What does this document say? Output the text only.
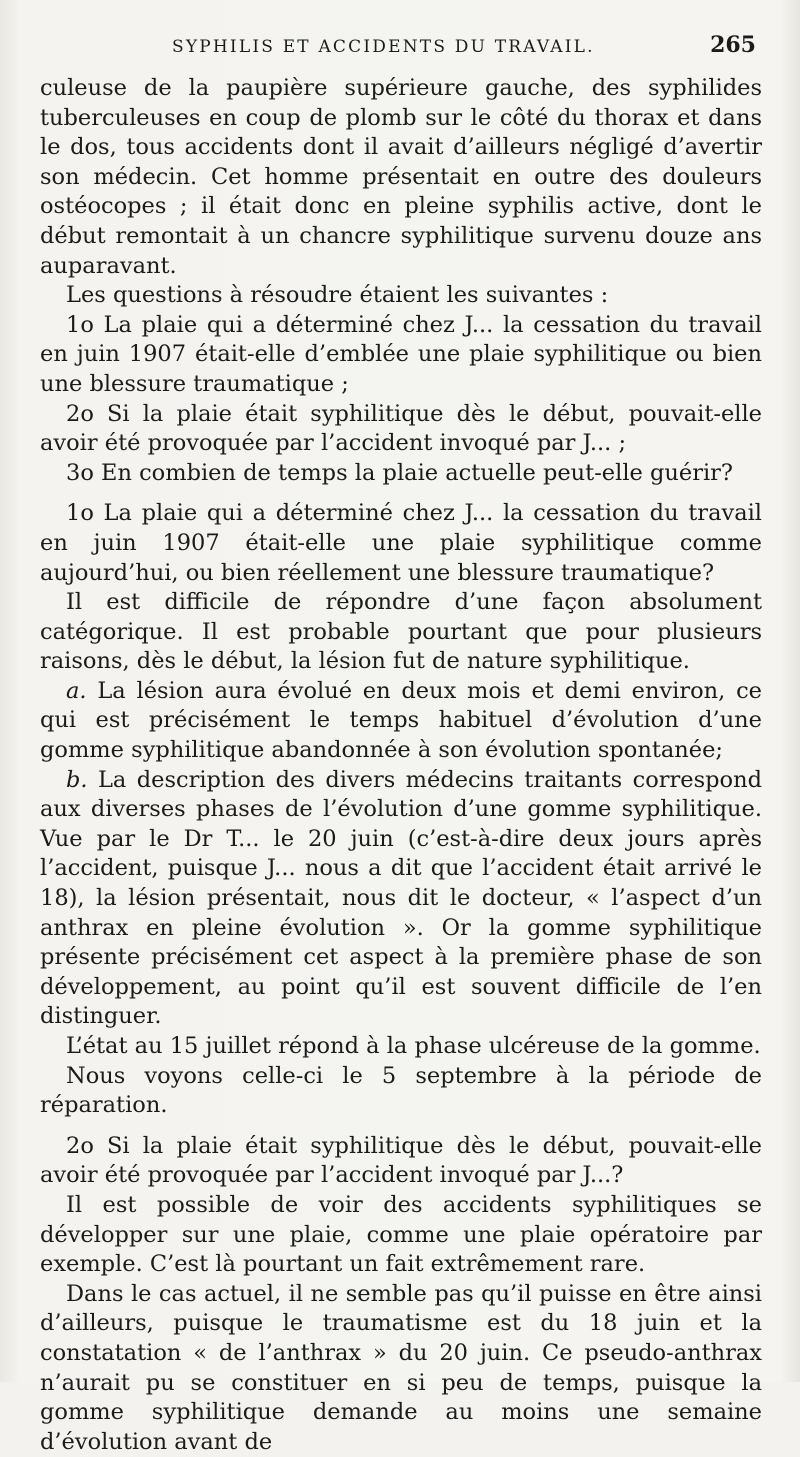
SYPHILIS ET ACCIDENTS DU TRAVAIL.	265

culeuse de la paupière supérieure gauche, des syphilides tuberculeuses en coup de plomb sur le côté du thorax et dans le dos, tous accidents dont il avait d’ailleurs négligé d’avertir son médecin. Cet homme présentait en outre des douleurs ostéocopes ; il était donc en pleine syphilis active, dont le début remontait à un chancre syphilitique survenu douze ans auparavant.

Les questions à résoudre étaient les suivantes :

1o La plaie qui a déterminé chez J... la cessation du travail en juin 1907 était-elle d’emblée une plaie syphilitique ou bien une blessure traumatique ;

2o Si la plaie était syphilitique dès le début, pouvait-elle avoir été provoquée par l’accident invoqué par J... ;

3o En combien de temps la plaie actuelle peut-elle guérir?

1o La plaie qui a déterminé chez J... la cessation du travail en juin 1907 était-elle une plaie syphilitique comme aujourd’hui, ou bien réellement une blessure traumatique?

Il est difficile de répondre d’une façon absolument catégorique. Il est probable pourtant que pour plusieurs raisons, dès le début, la lésion fut de nature syphilitique.

a. La lésion aura évolué en deux mois et demi environ, ce qui est précisément le temps habituel d’évolution d’une gomme syphilitique abandonnée à son évolution spontanée;

b. La description des divers médecins traitants correspond aux diverses phases de l’évolution d’une gomme syphilitique. Vue par le Dr T... le 20 juin (c’est-à-dire deux jours après l’accident, puisque J... nous a dit que l’accident était arrivé le 18), la lésion présentait, nous dit le docteur, « l’aspect d’un anthrax en pleine évolution ». Or la gomme syphilitique présente précisément cet aspect à la première phase de son développement, au point qu’il est souvent difficile de l’en distinguer.

L’état au 15 juillet répond à la phase ulcéreuse de la gomme.

Nous voyons celle-ci le 5 septembre à la période de réparation.

2o Si la plaie était syphilitique dès le début, pouvait-elle avoir été provoquée par l’accident invoqué par J...?

Il est possible de voir des accidents syphilitiques se développer sur une plaie, comme une plaie opératoire par exemple. C’est là pourtant un fait extrêmement rare.

Dans le cas actuel, il ne semble pas qu’il puisse en être ainsi d’ailleurs, puisque le traumatisme est du 18 juin et la constatation « de l’anthrax » du 20 juin. Ce pseudo-anthrax n’aurait pu se constituer en si peu de temps, puisque la gomme syphilitique demande au moins une semaine d’évolution avant de
